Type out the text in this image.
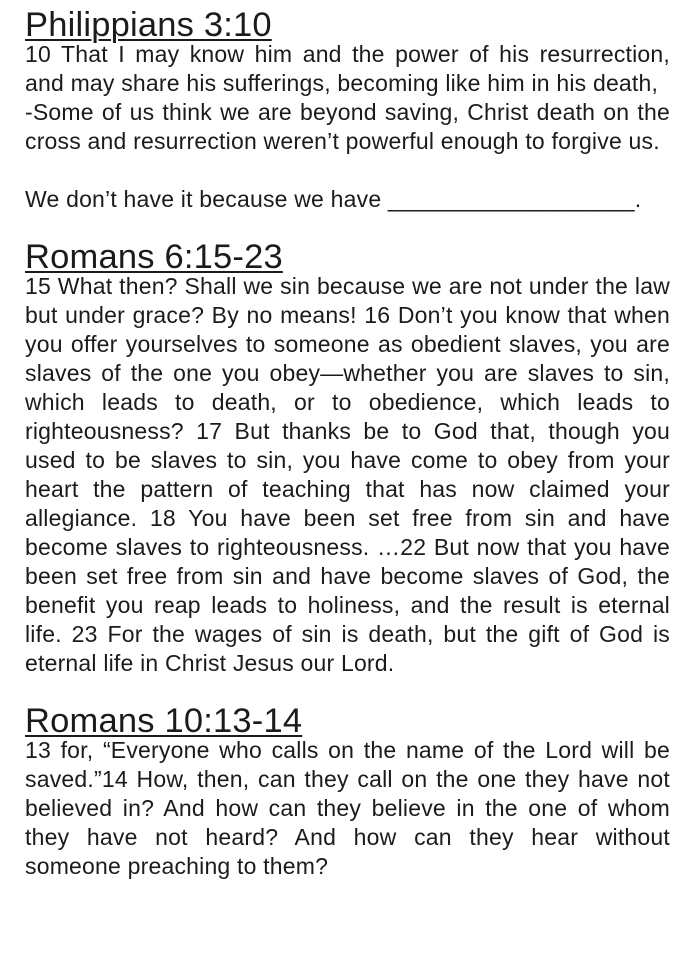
Philippians 3:10

10 That I may know him and the power of his resurrection, and may share his sufferings, becoming like him in his death,

-Some of us think we are beyond saving, Christ death on the cross and resurrection weren’t powerful enough to forgive us.

We don’t have it because we have ___________________.

Romans 6:15-23

15 What then? Shall we sin because we are not under the law but under grace? By no means! 16 Don’t you know that when you offer yourselves to someone as obedient slaves, you are slaves of the one you obey—whether you are slaves to sin, which leads to death, or to obedience, which leads to righteousness? 17 But thanks be to God that, though you used to be slaves to sin, you have come to obey from your heart the pattern of teaching that has now claimed your allegiance. 18 You have been set free from sin and have become slaves to righteousness. …22 But now that you have been set free from sin and have become slaves of God, the benefit you reap leads to holiness, and the result is eternal life. 23 For the wages of sin is death, but the gift of God is eternal life in Christ Jesus our Lord.

Romans 10:13-14

13 for, “Everyone who calls on the name of the Lord will be saved.”14 How, then, can they call on the one they have not believed in? And how can they believe in the one of whom they have not heard? And how can they hear without someone preaching to them?
